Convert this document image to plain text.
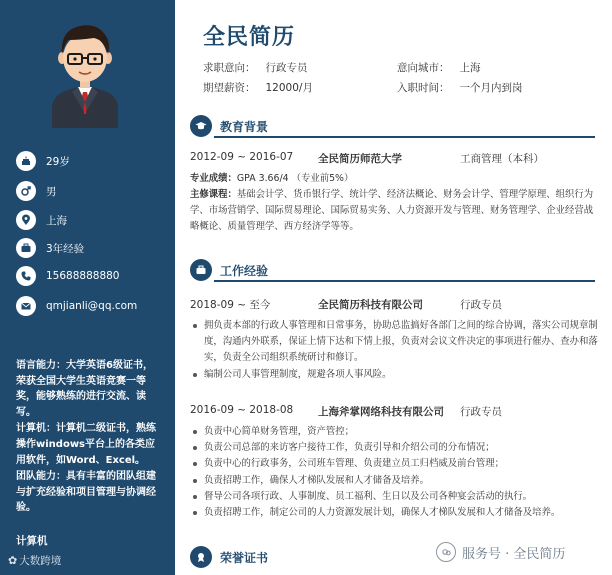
29岁
男
上海
3年经验
15688888880
qmjianli@qq.com

语言能力：大学英语6级证书，荣获全国大学生英语竞赛一等奖，能够熟练的进行交流、读写。

计算机：计算机二级证书，熟练操作windows平台上的各类应用软件，如Word、Excel。

团队能力：具有丰富的团队组建与扩充经验和项目管理与协调经验。

计算机
✿ 大数跨境
全民简历
求职意向： 行政专员	意向城市： 上海
期望薪资： 12000/月	入职时间： 一个月内到岗
教育背景
2012-09 ~ 2016-07 全民简历师范大学	工商管理（本科）
专业成绩：GPA 3.66/4 （专业前5%）
主修课程：基础会计学、货币银行学、统计学、经济法概论、财务会计学、管理学原理、组织行为学、市场营销学、国际贸易理论、国际贸易实务、人力资源开发与管理、财务管理学、企业经营战略概论、质量管理学、西方经济学等等。
工作经验
2018-09 ~ 至今	全民简历科技有限公司	行政专员
拥负责本部的行政人事管理和日常事务，协助总监搞好各部门之间的综合协调，落实公司规章制度，沟通内外联系，保证上情下达和下情上报，负责对会议文件决定的事项进行催办、查办和落实，负责全公司组织系统研讨和修订。
编制公司人事管理制度，规避各项人事风险。
2016-09 ~ 2018-08 上海斧掌网络科技有限公司 行政专员
负责中心简单财务管理，资产管控；
负责公司总部的来访客户接待工作，负责引导和介绍公司的分布情况；
负责中心的行政事务，公司班车管理、负责建立员工归档威及前台管理；
负责招聘工作，确保人才梯队发展和人才储备及培养。
督导公司各项行政、人事制度、员工福利、生日以及公司各种宴会活动的执行。
负责招聘工作，制定公司的人力资源发展计划，确保人才梯队发展和人才储备及培养。
荣誉证书	服务号 · 全民简历
